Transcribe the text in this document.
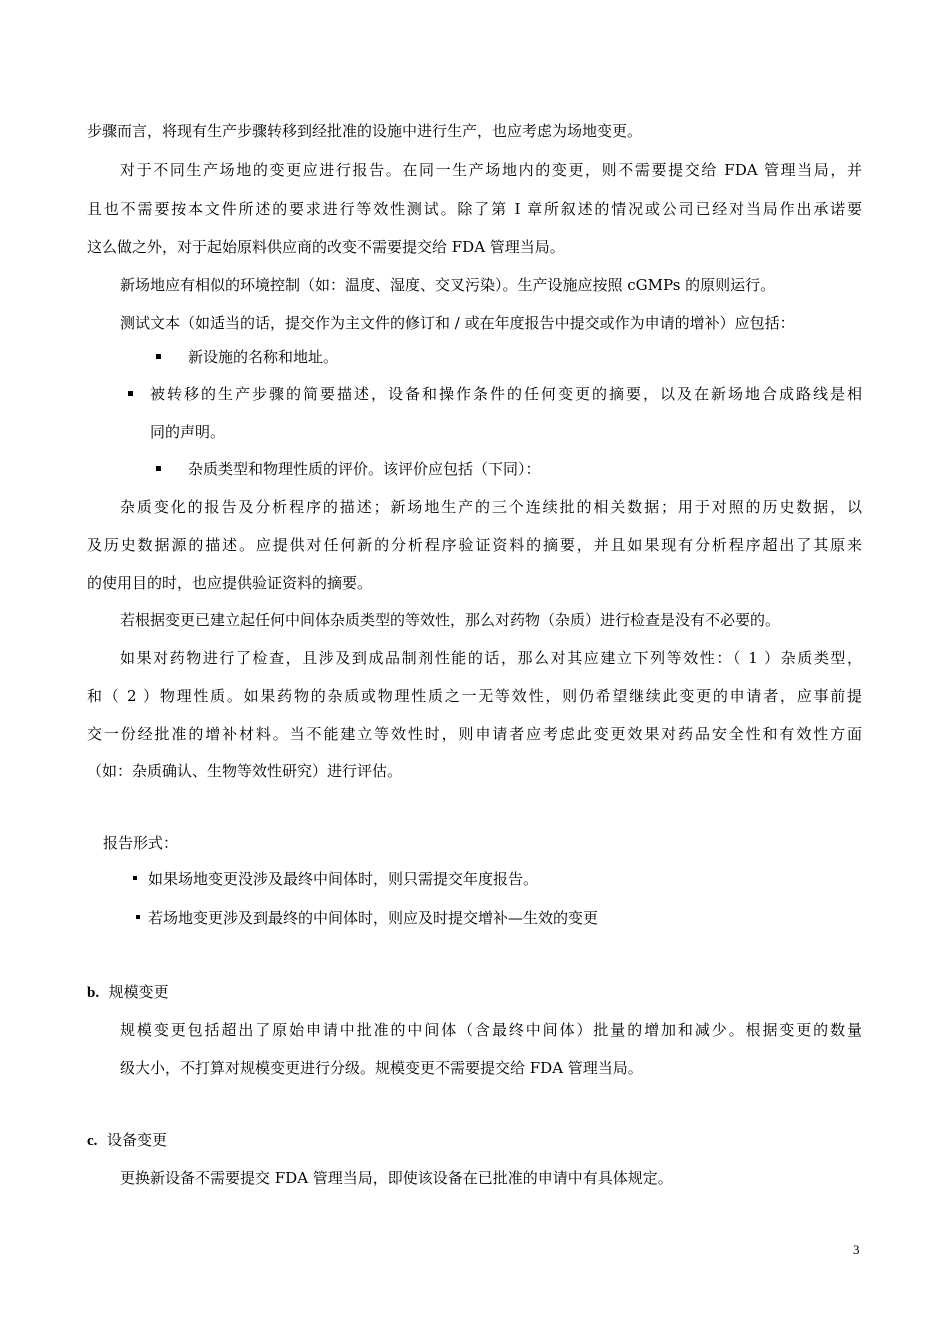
步骤而言，将现有生产步骤转移到经批准的设施中进行生产，也应考虑为场地变更。
对于不同生产场地的变更应进行报告。在同一生产场地内的变更，则不需要提交给 FDA 管理当局，并
且也不需要按本文件所述的要求进行等效性测试。除了第 I 章所叙述的情况或公司已经对当局作出承诺要
这么做之外，对于起始原料供应商的改变不需要提交给 FDA 管理当局。
新场地应有相似的环境控制（如：温度、湿度、交叉污染）。生产设施应按照 cGMPs 的原则运行。
测试文本（如适当的话，提交作为主文件的修订和 / 或在年度报告中提交或作为申请的增补）应包括：
新设施的名称和地址。
被转移的生产步骤的简要描述，设备和操作条件的任何变更的摘要，以及在新场地合成路线是相
同的声明。
杂质类型和物理性质的评价。该评价应包括（下同）：
杂质变化的报告及分析程序的描述；新场地生产的三个连续批的相关数据；用于对照的历史数据，以
及历史数据源的描述。应提供对任何新的分析程序验证资料的摘要，并且如果现有分析程序超出了其原来
的使用目的时，也应提供验证资料的摘要。
若根据变更已建立起任何中间体杂质类型的等效性，那么对药物（杂质）进行检查是没有不必要的。
如果对药物进行了检查，且涉及到成品制剂性能的话，那么对其应建立下列等效性：（ 1 ）杂质类型，
和（ 2 ）物理性质。如果药物的杂质或物理性质之一无等效性，则仍希望继续此变更的申请者，应事前提
交一份经批准的增补材料。当不能建立等效性时，则申请者应考虑此变更效果对药品安全性和有效性方面
（如：杂质确认、生物等效性研究）进行评估。
报告形式：
如果场地变更没涉及最终中间体时，则只需提交年度报告。
若场地变更涉及到最终的中间体时，则应及时提交增补—生效的变更
b. 规模变更
规模变更包括超出了原始申请中批准的中间体（含最终中间体）批量的增加和减少。根据变更的数量
级大小，不打算对规模变更进行分级。规模变更不需要提交给 FDA 管理当局。
c. 设备变更
更换新设备不需要提交 FDA 管理当局，即使该设备在已批准的申请中有具体规定。
3
